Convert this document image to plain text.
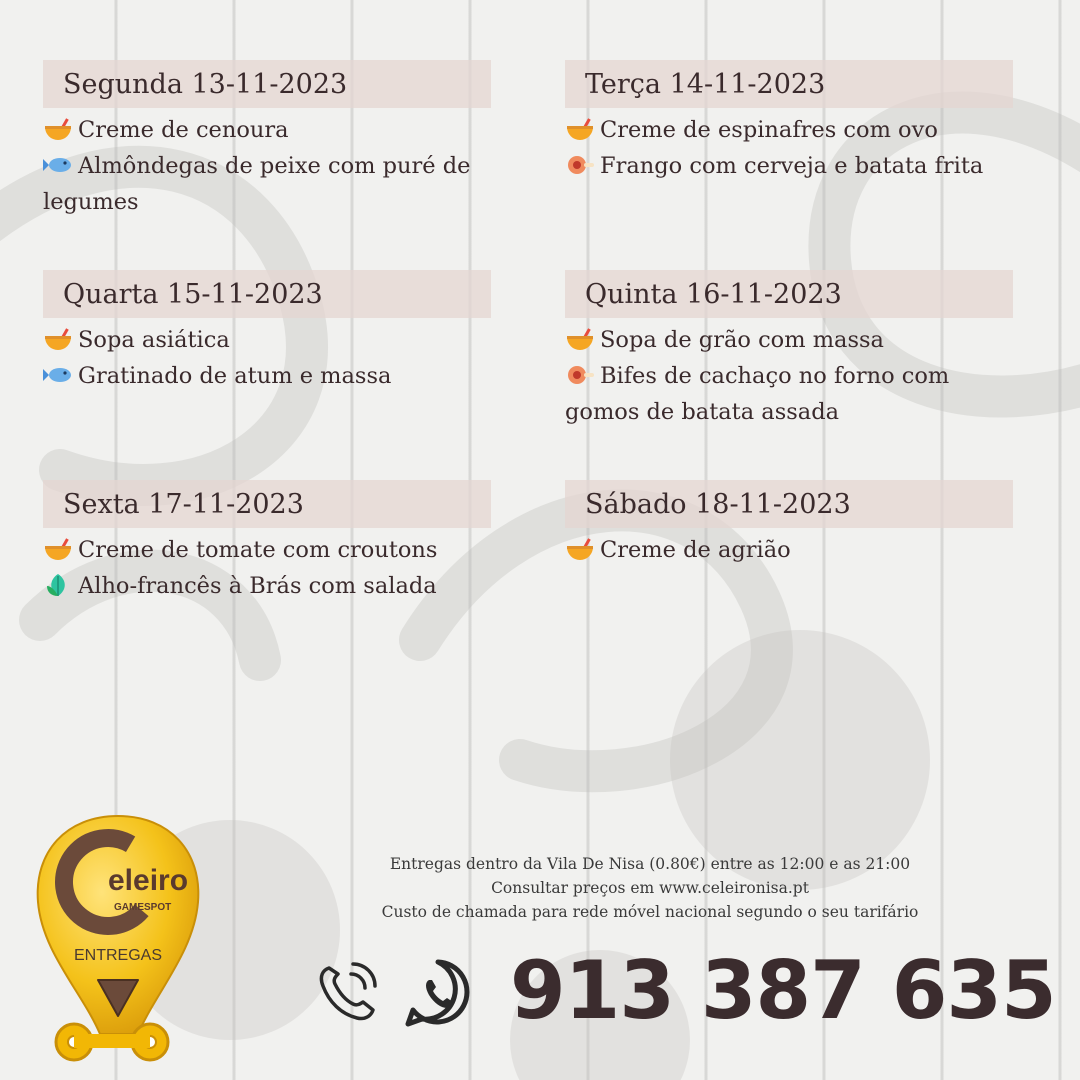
Segunda 13-11-2023
Creme de cenoura
Almôndegas de peixe com puré de legumes
Terça 14-11-2023
Creme de espinafres com ovo
Frango com cerveja e batata frita
Quarta 15-11-2023
Sopa asiática
Gratinado de atum e massa
Quinta 16-11-2023
Sopa de grão com massa
Bifes de cachaço no forno com gomos de batata assada
Sexta 17-11-2023
Creme de tomate com croutons
Alho-francês à Brás com salada
Sábado 18-11-2023
Creme de agrião
Entregas dentro da Vila De Nisa (0.80€) entre as 12:00 e as 21:00
Consultar preços em www.celeironisa.pt
Custo de chamada para rede móvel nacional segundo o seu tarifário
913 387 635
eleiro
GAMESPOT
ENTREGAS
